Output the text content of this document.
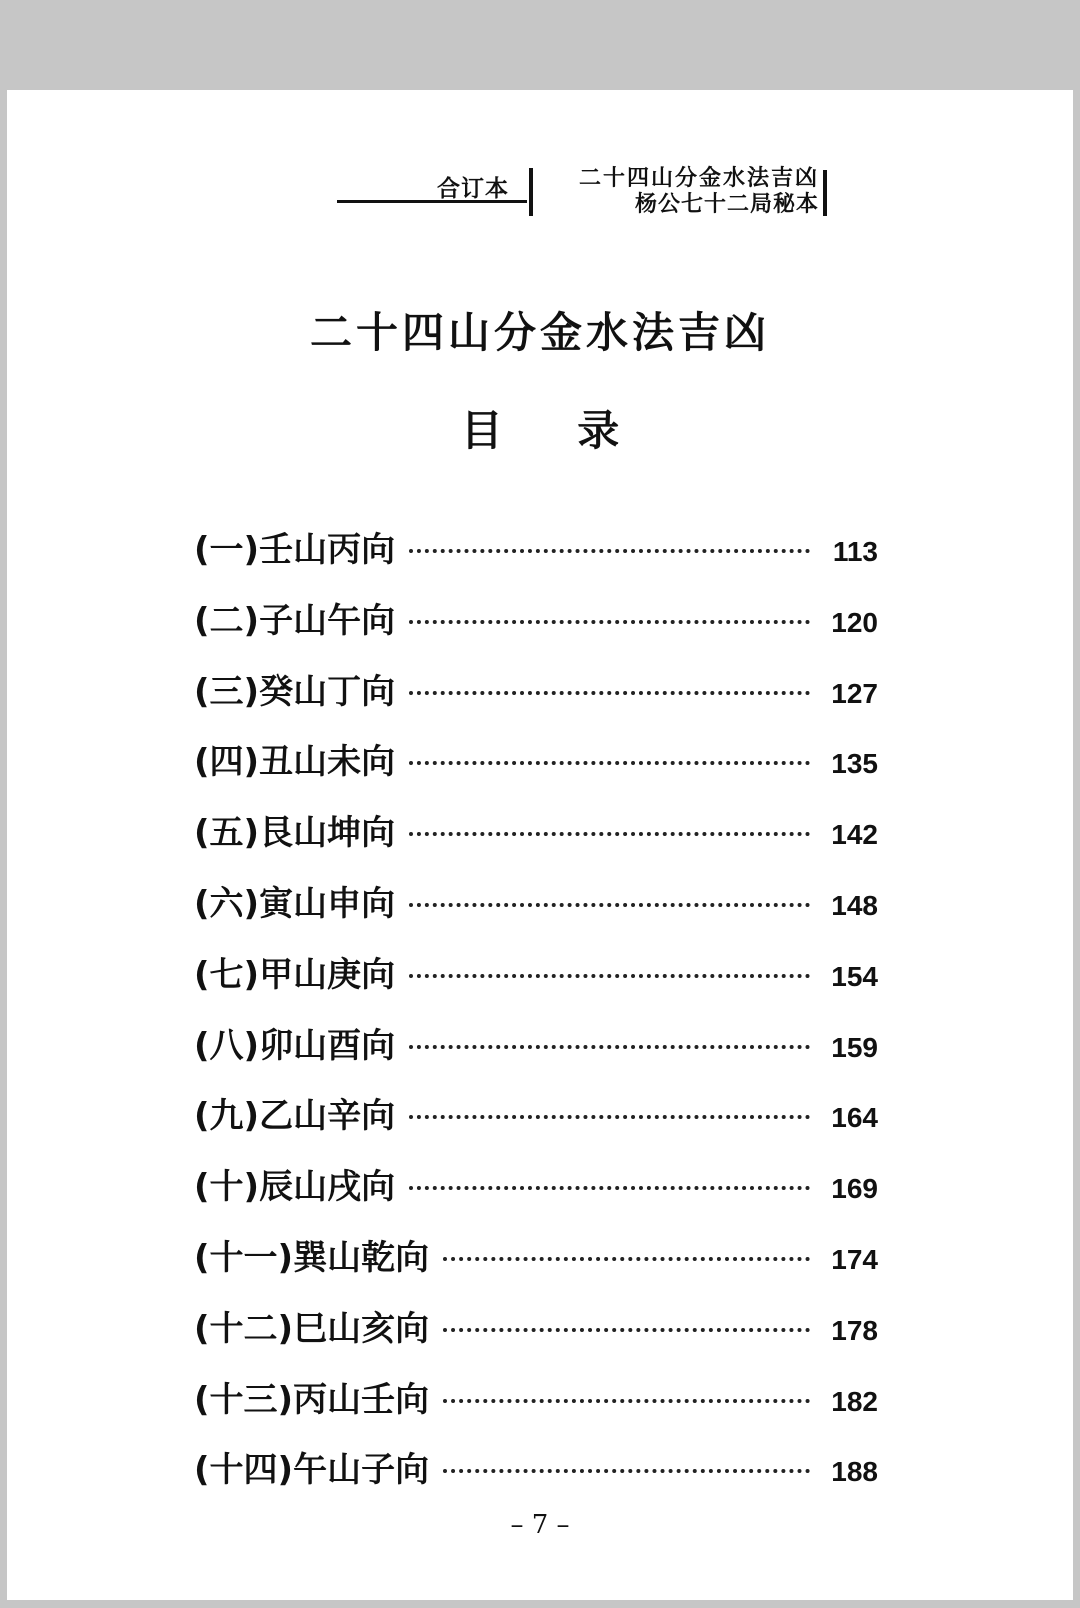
合订本	二十四山分金水法吉凶
杨公七十二局秘本
二十四山分金水法吉凶
目 录
(一)壬山丙向	113
(二)子山午向	120
(三)癸山丁向	127
(四)丑山未向	135
(五)艮山坤向	142
(六)寅山申向	148
(七)甲山庚向	154
(八)卯山酉向	159
(九)乙山辛向	164
(十)辰山戌向	169
(十一)巽山乾向	174
(十二)巳山亥向	178
(十三)丙山壬向	182
(十四)午山子向	188
– 7 –
